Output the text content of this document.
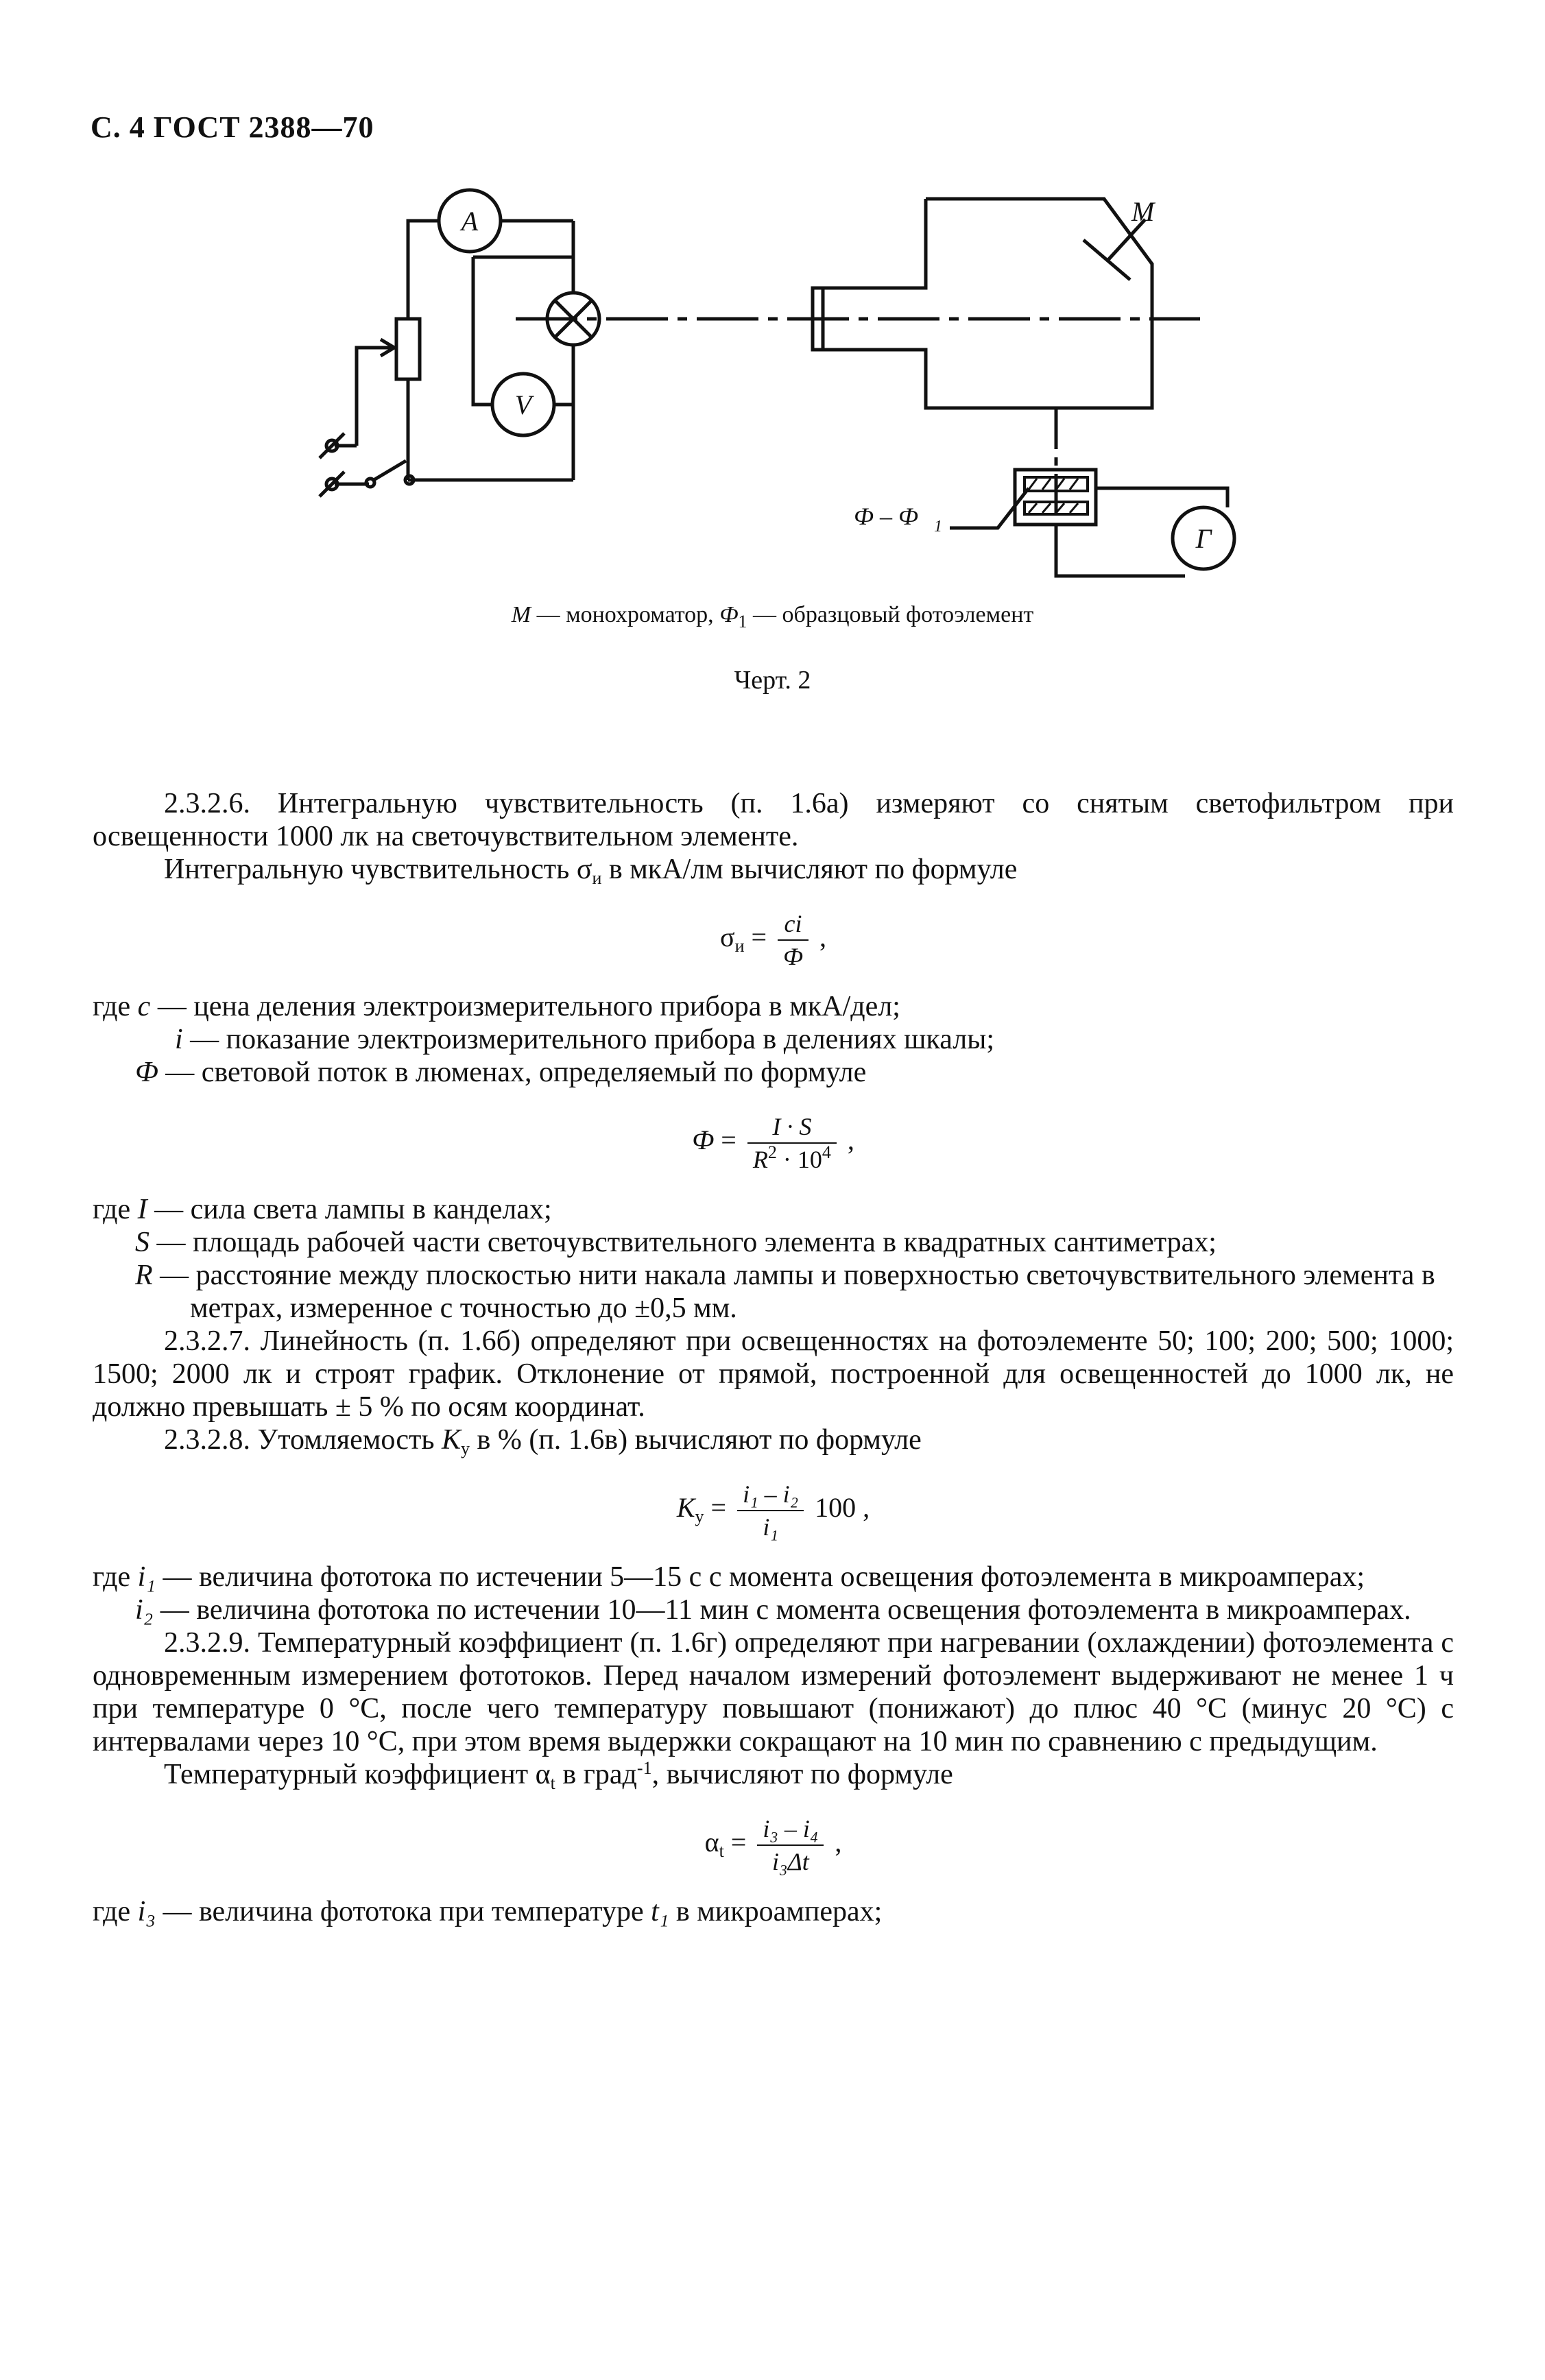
С. 4 ГОСТ 2388—70
A
V
M
Г
Ф – Ф 1
М — монохроматор, $Ф_1$ — образцовый фотоэлемент
Черт. 2

2.3.2.6. Интегральную чувствительность (п. 1.6а) измеряют со снятым светофильтром при освещенности 1000 лк на светочувствительном элементе.

Интегральную чувствительность $\sigma_и$ в мкА/лм вычисляют по формуле

$\sigma_и = \frac{ci}{Ф}$ ,

где с — цена деления электроизмерительного прибора в мкА/дел;

i — показание электроизмерительного прибора в делениях шкалы;

Ф — световой поток в люменах, определяемый по формуле

$Ф = \frac{I \cdot S}{R^2 \cdot 10^4}$ ,

где I — сила света лампы в канделах;

S — площадь рабочей части светочувствительного элемента в квадратных сантиметрах;

R — расстояние между плоскостью нити накала лампы и поверхностью светочувствительного элемента в метрах, измеренное с точностью до ±0,5 мм.

2.3.2.7. Линейность (п. 1.6б) определяют при освещенностях на фотоэлементе 50; 100; 200; 500; 1000; 1500; 2000 лк и строят график. Отклонение от прямой, построенной для освещенностей до 1000 лк, не должно превышать ± 5 % по осям координат.

2.3.2.8. Утомляемость $K_у$ в % (п. 1.6в) вычисляют по формуле

$K_у = \frac{\text{i₁ – i₂}}{\text{i₁}} 100$ ,

где i₁ — величина фототока по истечении 5—15 с с момента освещения фотоэлемента в микроамперах;

i₂ — величина фототока по истечении 10—11 мин с момента освещения фотоэлемента в микроамперах.

2.3.2.9. Температурный коэффициент (п. 1.6г) определяют при нагревании (охлаждении) фотоэлемента с одновременным измерением фототоков. Перед началом измерений фотоэлемент выдерживают не менее 1 ч при температуре 0 °С, после чего температуру повышают (понижают) до плюс 40 °С (минус 20 °С) с интервалами через 10 °С, при этом время выдержки сокращают на 10 мин по сравнению с предыдущим.

Температурный коэффициент $\alpha_t$ в град$^{-1}$, вычисляют по формуле

$\alpha_t = \frac{\text{i₃ – i₄}}{\text{i₃Δt}}$ ,

где i₃ — величина фототока при температуре t₁ в микроамперах;
